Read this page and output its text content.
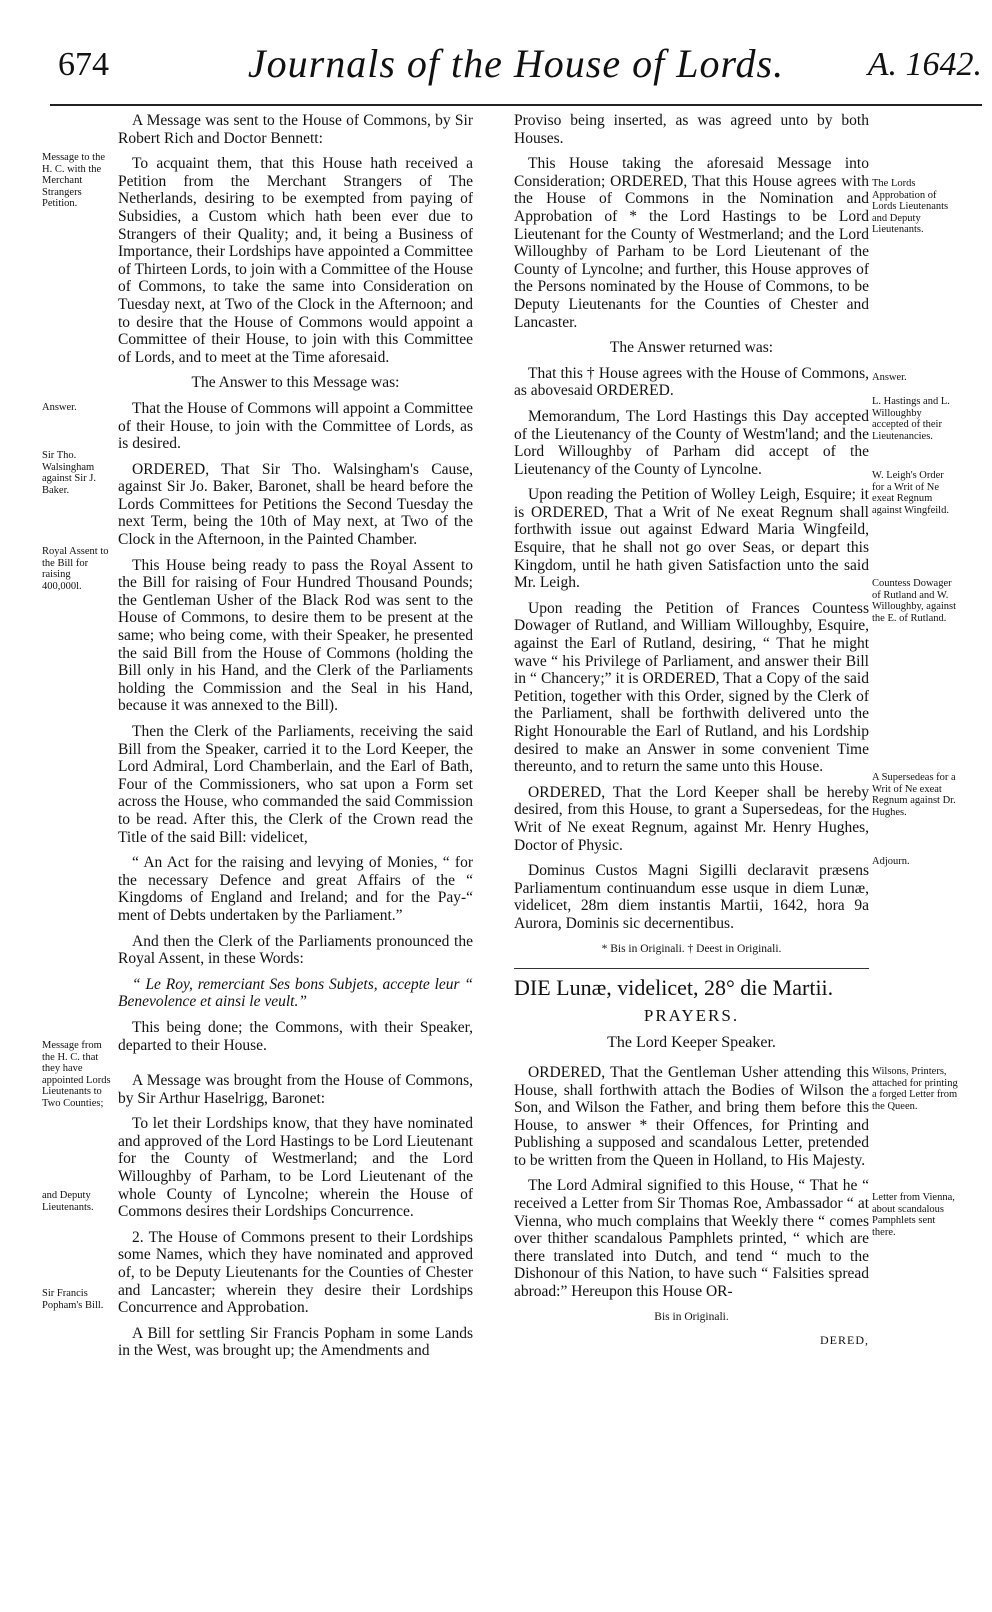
674	Journals of the House of Lords.	A. 1642.
Message to the H. C. with the Merchant Strangers Petition.
Answer.
Sir Tho. Walsingham against Sir J. Baker.
Royal Assent to the Bill for raising 400,000l.
Message from the H. C. that they have appointed Lords Lieutenants to Two Counties;
and Deputy Lieutenants.
Sir Francis Popham's Bill.

A Message was sent to the House of Commons, by Sir Robert Rich and Doctor Bennett:

To acquaint them, that this House hath received a Petition from the Merchant Strangers of The Netherlands, desiring to be exempted from paying of Subsidies, a Custom which hath been ever due to Strangers of their Quality; and, it being a Business of Importance, their Lordships have appointed a Committee of Thirteen Lords, to join with a Committee of the House of Commons, to take the same into Consideration on Tuesday next, at Two of the Clock in the Afternoon; and to desire that the House of Commons would appoint a Committee of their House, to join with this Committee of Lords, and to meet at the Time aforesaid.

The Answer to this Message was:

That the House of Commons will appoint a Committee of their House, to join with the Committee of Lords, as is desired.

ORDERED, That Sir Tho. Walsingham's Cause, against Sir Jo. Baker, Baronet, shall be heard before the Lords Committees for Petitions the Second Tuesday the next Term, being the 10th of May next, at Two of the Clock in the Afternoon, in the Painted Chamber.

This House being ready to pass the Royal Assent to the Bill for raising of Four Hundred Thousand Pounds; the Gentleman Usher of the Black Rod was sent to the House of Commons, to desire them to be present at the same; who being come, with their Speaker, he presented the said Bill from the House of Commons (holding the Bill only in his Hand, and the Clerk of the Parliaments holding the Commission and the Seal in his Hand, because it was annexed to the Bill).

Then the Clerk of the Parliaments, receiving the said Bill from the Speaker, carried it to the Lord Keeper, the Lord Admiral, Lord Chamberlain, and the Earl of Bath, Four of the Commissioners, who sat upon a Form set across the House, who commanded the said Commission to be read. After this, the Clerk of the Crown read the Title of the said Bill: videlicet,

“ An Act for the raising and levying of Monies, “ for the necessary Defence and great Affairs of the “ Kingdoms of England and Ireland; and for the Pay-“ ment of Debts undertaken by the Parliament.”

And then the Clerk of the Parliaments pronounced the Royal Assent, in these Words:

“ Le Roy, remerciant Ses bons Subjets, accepte leur “ Benevolence et ainsi le veult.”

This being done; the Commons, with their Speaker, departed to their House.

A Message was brought from the House of Commons, by Sir Arthur Haselrigg, Baronet:

To let their Lordships know, that they have nominated and approved of the Lord Hastings to be Lord Lieutenant for the County of Westmerland; and the Lord Willoughby of Parham, to be Lord Lieutenant of the whole County of Lyncolne; wherein the House of Commons desires their Lordships Concurrence.

2. The House of Commons present to their Lordships some Names, which they have nominated and approved of, to be Deputy Lieutenants for the Counties of Chester and Lancaster; wherein they desire their Lordships Concurrence and Approbation.

A Bill for settling Sir Francis Popham in some Lands in the West, was brought up; the Amendments and

The Lords Approbation of Lords Lieutenants and Deputy Lieutenants.
Answer.
L. Hastings and L. Willoughby accepted of their Lieutenancies.
W. Leigh's Order for a Writ of Ne exeat Regnum against Wingfeild.
Countess Dowager of Rutland and W. Willoughby, against the E. of Rutland.
A Supersedeas for a Writ of Ne exeat Regnum against Dr. Hughes.
Adjourn.
Wilsons, Printers, attached for printing a forged Letter from the Queen.
Letter from Vienna, about scandalous Pamphlets sent there.

Proviso being inserted, as was agreed unto by both Houses.

This House taking the aforesaid Message into Consideration; ORDERED, That this House agrees with the House of Commons in the Nomination and Approbation of * the Lord Hastings to be Lord Lieutenant for the County of Westmerland; and the Lord Willoughby of Parham to be Lord Lieutenant of the County of Lyncolne; and further, this House approves of the Persons nominated by the House of Commons, to be Deputy Lieutenants for the Counties of Chester and Lancaster.

The Answer returned was:

That this † House agrees with the House of Commons, as abovesaid ORDERED.

Memorandum, The Lord Hastings this Day accepted of the Lieutenancy of the County of Westm'land; and the Lord Willoughby of Parham did accept of the Lieutenancy of the County of Lyncolne.

Upon reading the Petition of Wolley Leigh, Esquire; it is ORDERED, That a Writ of Ne exeat Regnum shall forthwith issue out against Edward Maria Wingfeild, Esquire, that he shall not go over Seas, or depart this Kingdom, until he hath given Satisfaction unto the said Mr. Leigh.

Upon reading the Petition of Frances Countess Dowager of Rutland, and William Willoughby, Esquire, against the Earl of Rutland, desiring, “ That he might wave “ his Privilege of Parliament, and answer their Bill in “ Chancery;” it is ORDERED, That a Copy of the said Petition, together with this Order, signed by the Clerk of the Parliament, shall be forthwith delivered unto the Right Honourable the Earl of Rutland, and his Lordship desired to make an Answer in some convenient Time thereunto, and to return the same unto this House.

ORDERED, That the Lord Keeper shall be hereby desired, from this House, to grant a Supersedeas, for the Writ of Ne exeat Regnum, against Mr. Henry Hughes, Doctor of Physic.

Dominus Custos Magni Sigilli declaravit præsens Parliamentum continuandum esse usque in diem Lunæ, videlicet, 28m diem instantis Martii, 1642, hora 9a Aurora, Dominis sic decernentibus.

* Bis in Originali. † Deest in Originali.
DIE Lunæ, videlicet, 28° die Martii.
PRAYERS.
The Lord Keeper Speaker.

ORDERED, That the Gentleman Usher attending this House, shall forthwith attach the Bodies of Wilson the Son, and Wilson the Father, and bring them before this House, to answer * their Offences, for Printing and Publishing a supposed and scandalous Letter, pretended to be written from the Queen in Holland, to His Majesty.

The Lord Admiral signified to this House, “ That he “ received a Letter from Sir Thomas Roe, Ambassador “ at Vienna, who much complains that Weekly there “ comes over thither scandalous Pamphlets printed, “ which are there translated into Dutch, and tend “ much to the Dishonour of this Nation, to have such “ Falsities spread abroad:” Hereupon this House OR-

Bis in Originali.
DERED,
